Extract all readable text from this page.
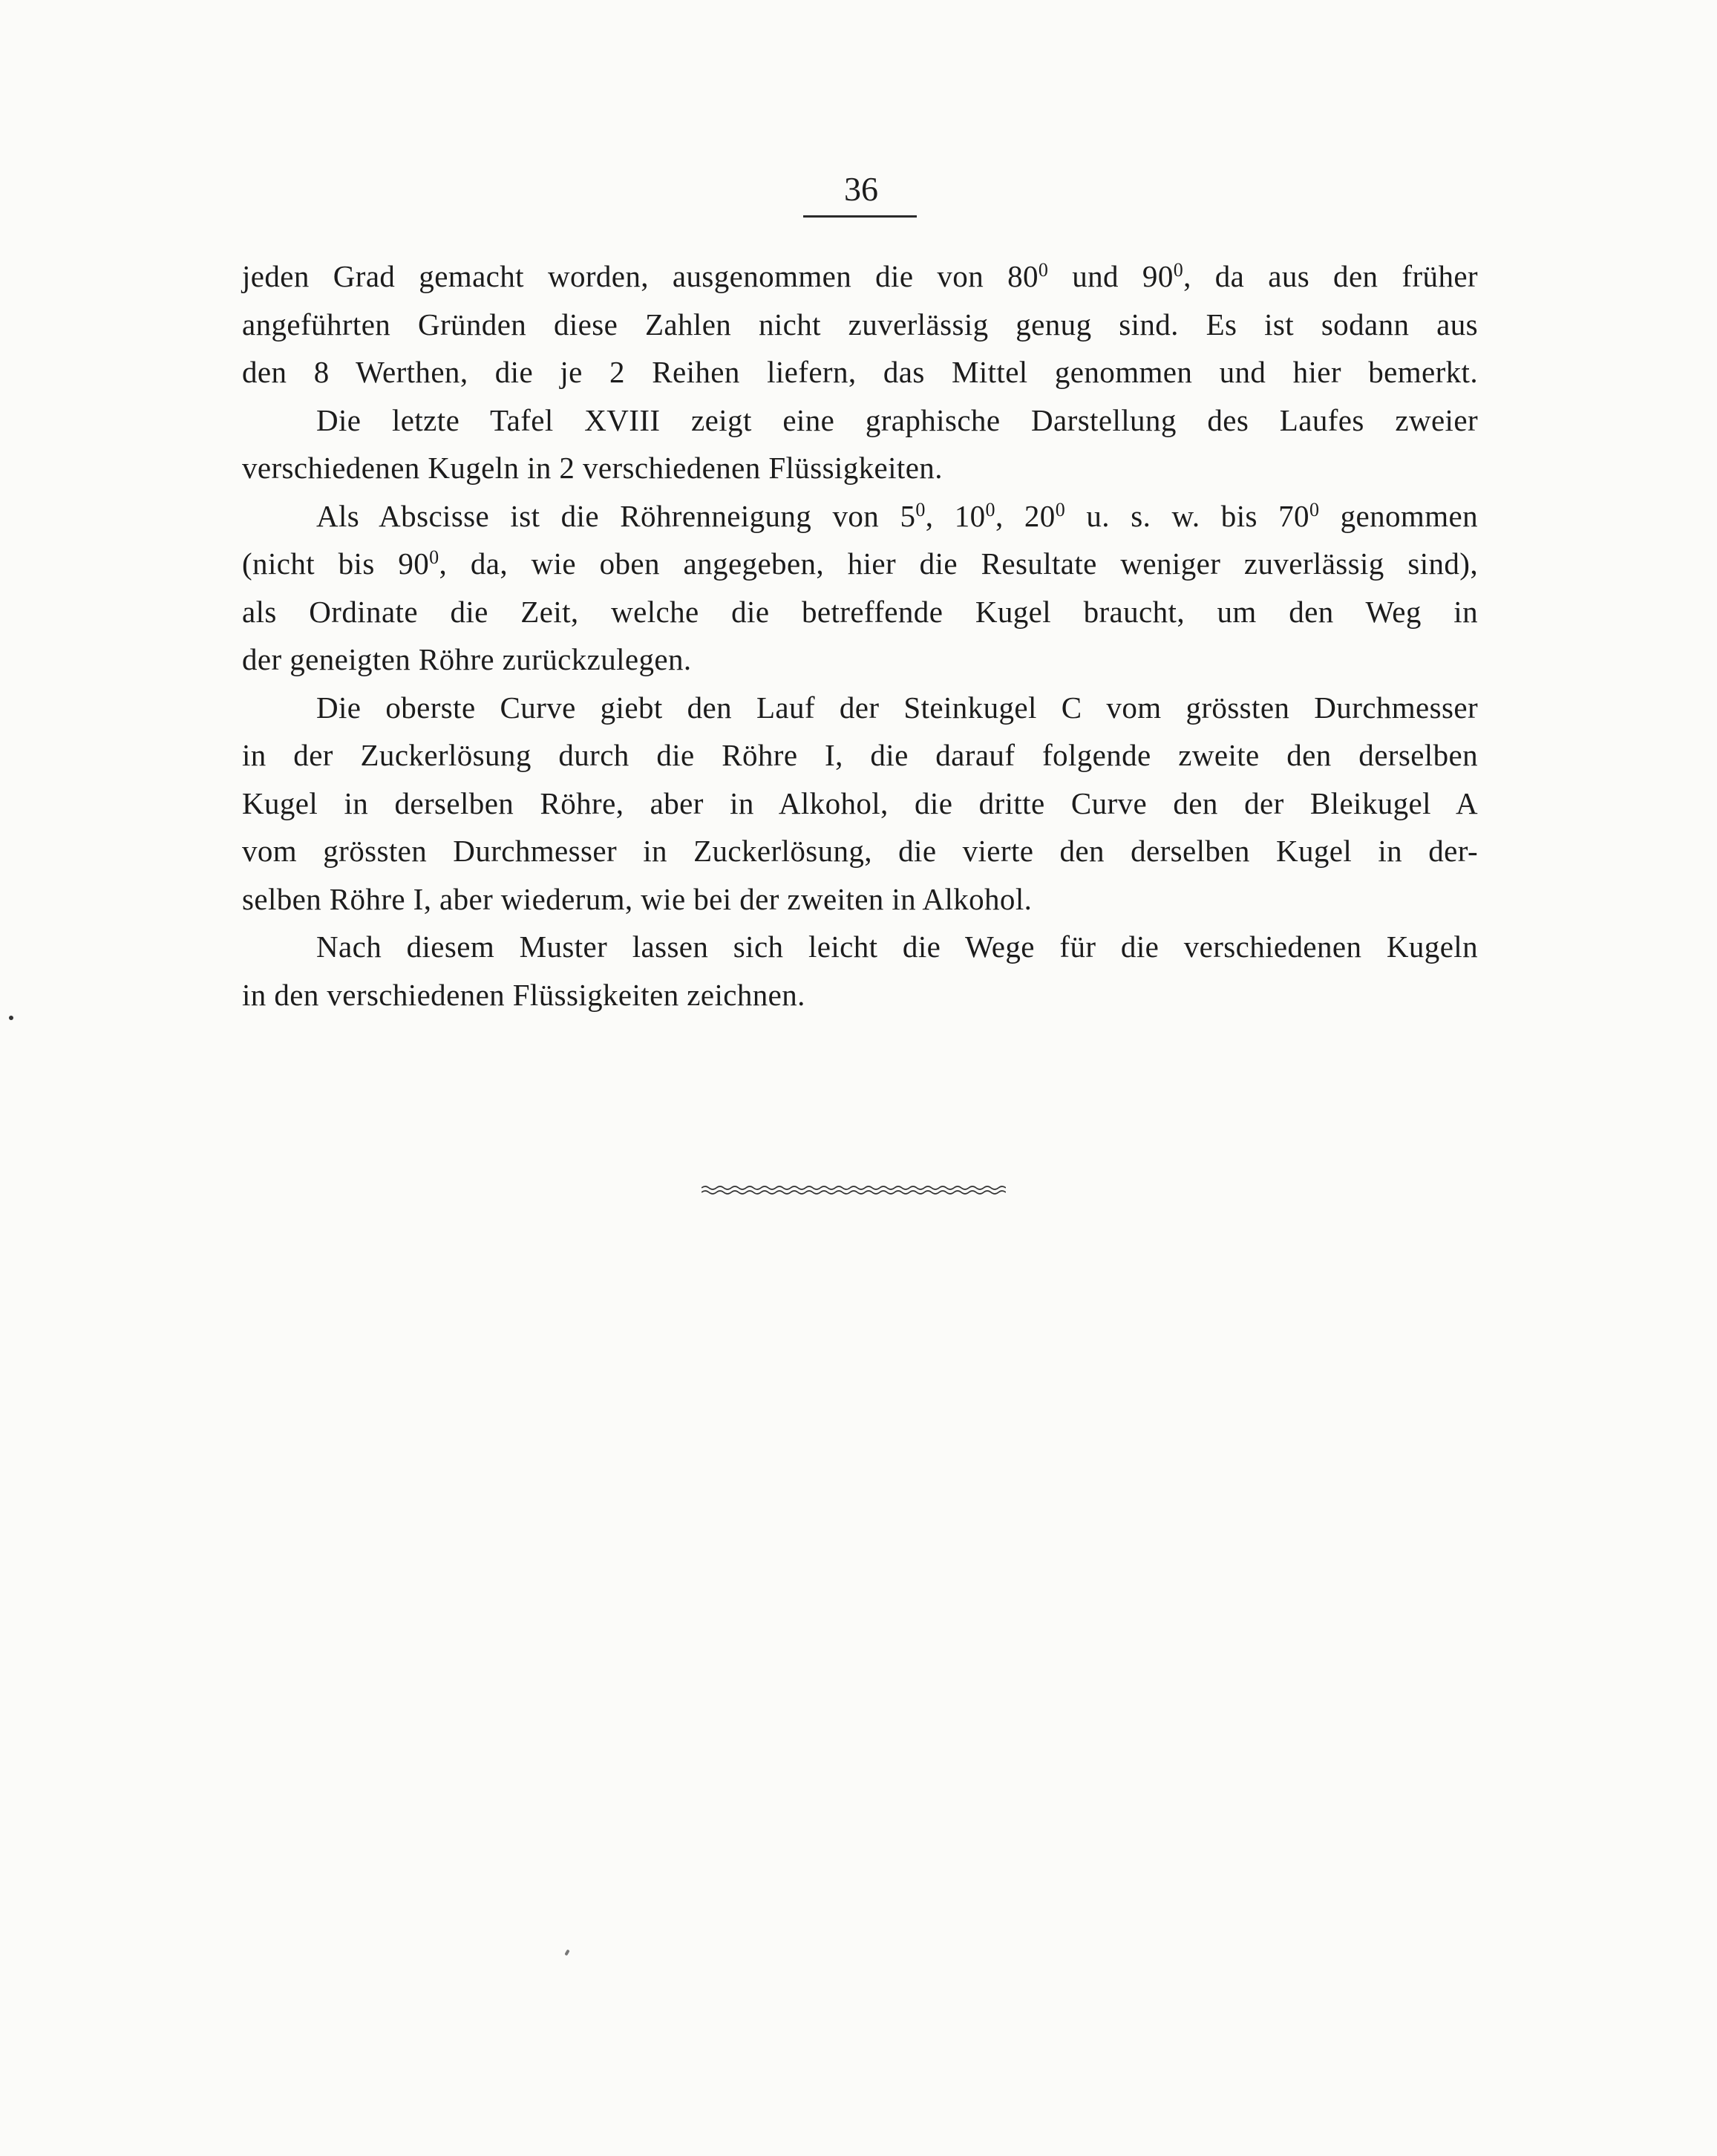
36
jeden Grad gemacht worden, ausgenommen die von $80^0$ und $90^0$, da aus den früher
angeführten Gründen diese Zahlen nicht zuverlässig genug sind. Es ist sodann aus
den 8 Werthen, die je 2 Reihen liefern, das Mittel genommen und hier bemerkt.
Die letzte Tafel XVIII zeigt eine graphische Darstellung des Laufes zweier
verschiedenen Kugeln in 2 verschiedenen Flüssigkeiten.
Als Abscisse ist die Röhrenneigung von $5^0$, $10^0$, $20^0$ u. s. w. bis $70^0$ genommen
(nicht bis $90^0$, da, wie oben angegeben, hier die Resultate weniger zuverlässig sind),
als Ordinate die Zeit, welche die betreffende Kugel braucht, um den Weg in
der geneigten Röhre zurückzulegen.
Die oberste Curve giebt den Lauf der Steinkugel C vom grössten Durchmesser
in der Zuckerlösung durch die Röhre I, die darauf folgende zweite den derselben
Kugel in derselben Röhre, aber in Alkohol, die dritte Curve den der Bleikugel A
vom grössten Durchmesser in Zuckerlösung, die vierte den derselben Kugel in der-
selben Röhre I, aber wiederum, wie bei der zweiten in Alkohol.
Nach diesem Muster lassen sich leicht die Wege für die verschiedenen Kugeln
in den verschiedenen Flüssigkeiten zeichnen.
